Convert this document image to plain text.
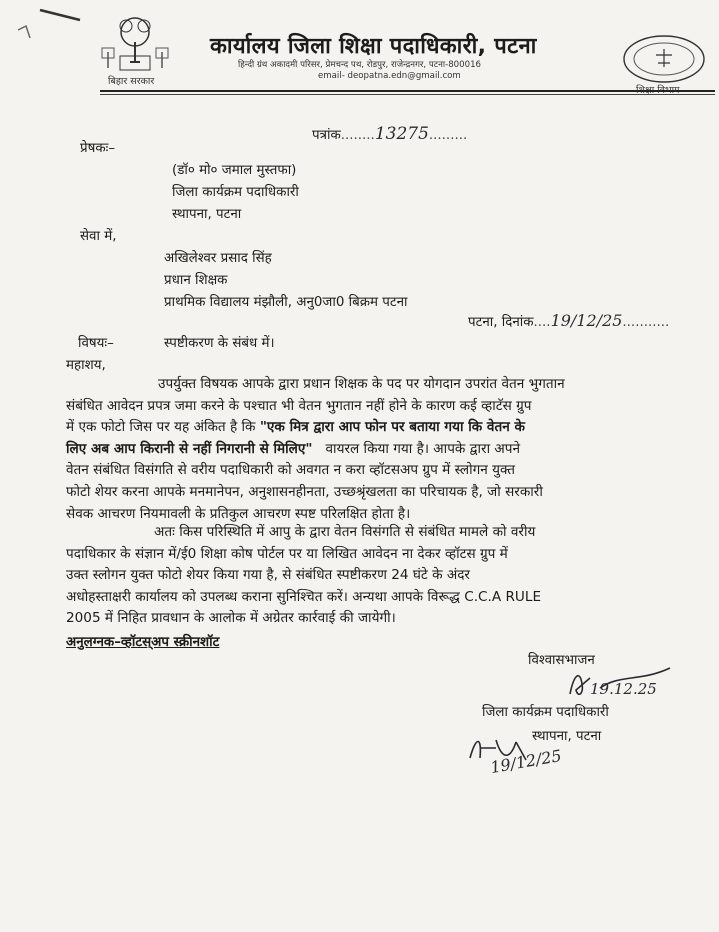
बिहार सरकार
कार्यालय जिला शिक्षा पदाधिकारी, पटना
हिन्दी ग्रंथ अकादमी परिसर, प्रेमचन्द पथ, रोडपुर, राजेन्द्रनगर, पटना-800016
email- deopatna.edn@gmail.com
पत्रांक........13275.........
प्रेषकः–
(डॉ० मो० जमाल मुस्तफा)
जिला कार्यक्रम पदाधिकारी
स्थापना, पटना
सेवा में,
अखिलेश्वर प्रसाद सिंह
प्रधान शिक्षक
प्राथमिक विद्यालय मंझौली, अनु0जा0 बिक्रम पटना
पटना, दिनांक....19/12/25...........
विषयः–	स्पष्टीकरण के संबंध में।
महाशय,
उपर्युक्त विषयक आपके द्वारा प्रधान शिक्षक के पद पर योगदान उपरांत वेतन भुगतान
संबंधित आवेदन प्रपत्र जमा करने के पश्चात भी वेतन भुगतान नहीं होने के कारण कई व्हाटॅस ग्रुप
में एक फोटो जिस पर यह अंकित है कि "एक मित्र द्वारा आप फोन पर बताया गया कि वेतन के
लिए अब आप किरानी से नहीं निगरानी से मिलिए" वायरल किया गया है। आपके द्वारा अपने
वेतन संबंधित विसंगति से वरीय पदाधिकारी को अवगत न करा व्हॉटसअप ग्रुप में स्लोगन युक्त
फोटो शेयर करना आपके मनमानेपन, अनुशासनहीनता, उच्छश्रृंखलता का परिचायक है, जो सरकारी
सेवक आचरण नियमावली के प्रतिकुल आचरण स्पष्ट परिलक्षित होता है।
अतः किस परिस्थिति में आपु के द्वारा वेतन विसंगति से संबंधित मामले को वरीय
पदाधिकार के संज्ञान में/ई0 शिक्षा कोष पोर्टल पर या लिखित आवेदन ना देकर व्हॉटस ग्रुप में
उक्त स्लोगन युक्त फोटो शेयर किया गया है, से संबंधित स्पष्टीकरण 24 घंटे के अंदर
अधोहस्ताक्षरी कार्यालय को उपलब्ध कराना सुनिश्चित करें। अन्यथा आपके विरूद्ध C.C.A RULE
2005 में निहित प्रावधान के आलोक में अग्रेतर कार्रवाई की जायेगी।
अनुलग्नक–व्हॉटस्अप स्क्रीनशॉट
विश्वासभाजन
19.12.25
जिला कार्यक्रम पदाधिकारी
स्थापना, पटना
19/12/25
